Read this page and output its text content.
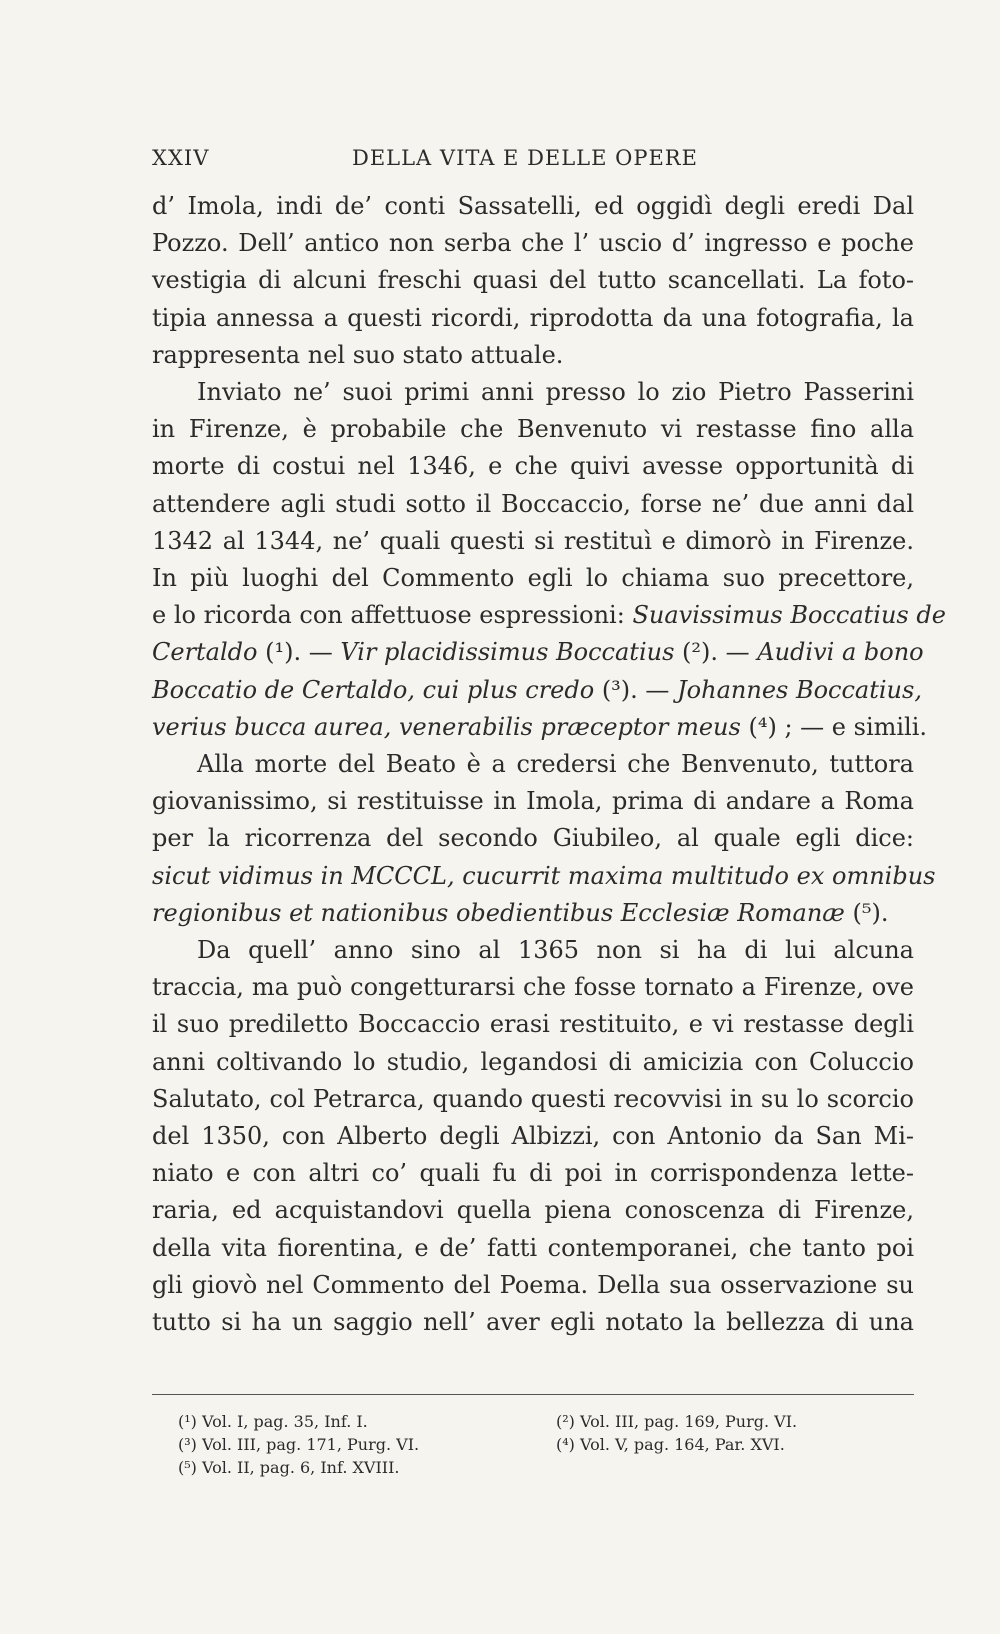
XXIV	DELLA VITA E DELLE OPERE
d’ Imola, indi de’ conti Sassatelli, ed oggidì degli eredi Dal
Pozzo. Dell’ antico non serba che l’ uscio d’ ingresso e poche
vestigia di alcuni freschi quasi del tutto scancellati. La foto-
tipia annessa a questi ricordi, riprodotta da una fotografia, la
rappresenta nel suo stato attuale.
Inviato ne’ suoi primi anni presso lo zio Pietro Passerini
in Firenze, è probabile che Benvenuto vi restasse fino alla
morte di costui nel 1346, e che quivi avesse opportunità di
attendere agli studi sotto il Boccaccio, forse ne’ due anni dal
1342 al 1344, ne’ quali questi si restituì e dimorò in Firenze.
In più luoghi del Commento egli lo chiama suo precettore,
e lo ricorda con affettuose espressioni: Suavissimus Boccatius de
Certaldo (¹). — Vir placidissimus Boccatius (²). — Audivi a bono
Boccatio de Certaldo, cui plus credo (³). — Johannes Boccatius,
verius bucca aurea, venerabilis præceptor meus (⁴) ; — e simili.
Alla morte del Beato è a credersi che Benvenuto, tuttora
giovanissimo, si restituisse in Imola, prima di andare a Roma
per la ricorrenza del secondo Giubileo, al quale egli dice:
sicut vidimus in MCCCL, cucurrit maxima multitudo ex omnibus
regionibus et nationibus obedientibus Ecclesiæ Romanæ (⁵).
Da quell’ anno sino al 1365 non si ha di lui alcuna
traccia, ma può congetturarsi che fosse tornato a Firenze, ove
il suo prediletto Boccaccio erasi restituito, e vi restasse degli
anni coltivando lo studio, legandosi di amicizia con Coluccio
Salutato, col Petrarca, quando questi recovvisi in su lo scorcio
del 1350, con Alberto degli Albizzi, con Antonio da San Mi-
niato e con altri co’ quali fu di poi in corrispondenza lette-
raria, ed acquistandovi quella piena conoscenza di Firenze,
della vita fiorentina, e de’ fatti contemporanei, che tanto poi
gli giovò nel Commento del Poema. Della sua osservazione su
tutto si ha un saggio nell’ aver egli notato la bellezza di una
(¹) Vol. I, pag. 35, Inf. I.	(²) Vol. III, pag. 169, Purg. VI.
(³) Vol. III, pag. 171, Purg. VI.	(⁴) Vol. V, pag. 164, Par. XVI.
(⁵) Vol. II, pag. 6, Inf. XVIII.
